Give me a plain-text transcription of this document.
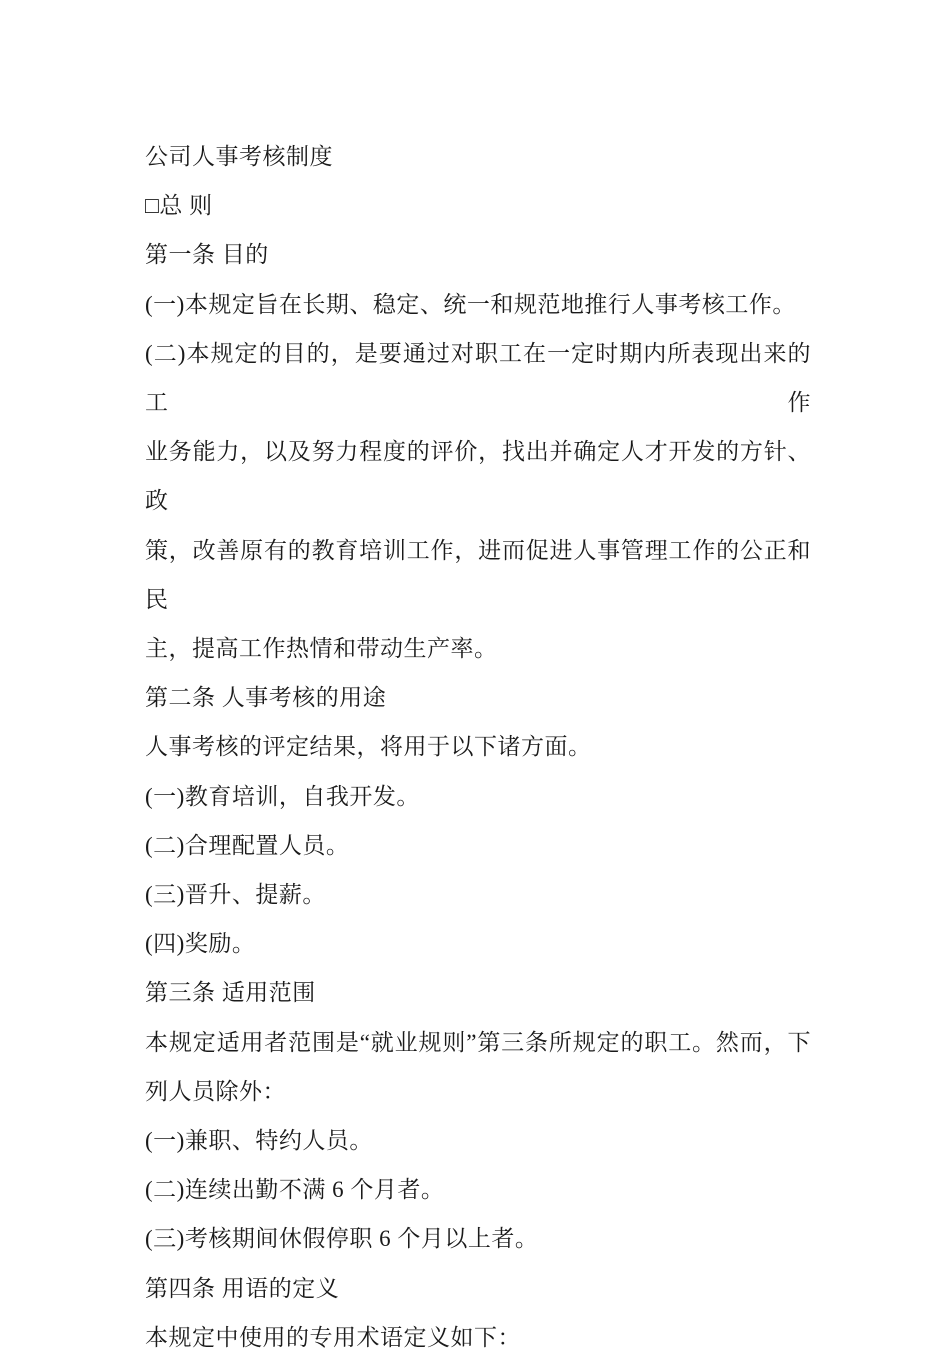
公司人事考核制度
□总 则
第一条 目的
(一)本规定旨在长期、稳定、统一和规范地推行人事考核工作。
(二)本规定的目的，是要通过对职工在一定时期内所表现出来的工作
业务能力，以及努力程度的评价，找出并确定人才开发的方针、政
策，改善原有的教育培训工作，进而促进人事管理工作的公正和民
主，提高工作热情和带动生产率。
第二条 人事考核的用途
人事考核的评定结果，将用于以下诸方面。
(一)教育培训，自我开发。
(二)合理配置人员。
(三)晋升、提薪。
(四)奖励。
第三条 适用范围
本规定适用者范围是“就业规则”第三条所规定的职工。然而，下
列人员除外：
(一)兼职、特约人员。
(二)连续出勤不满 6 个月者。
(三)考核期间休假停职 6 个月以上者。
第四条 用语的定义
本规定中使用的专用术语定义如下：
